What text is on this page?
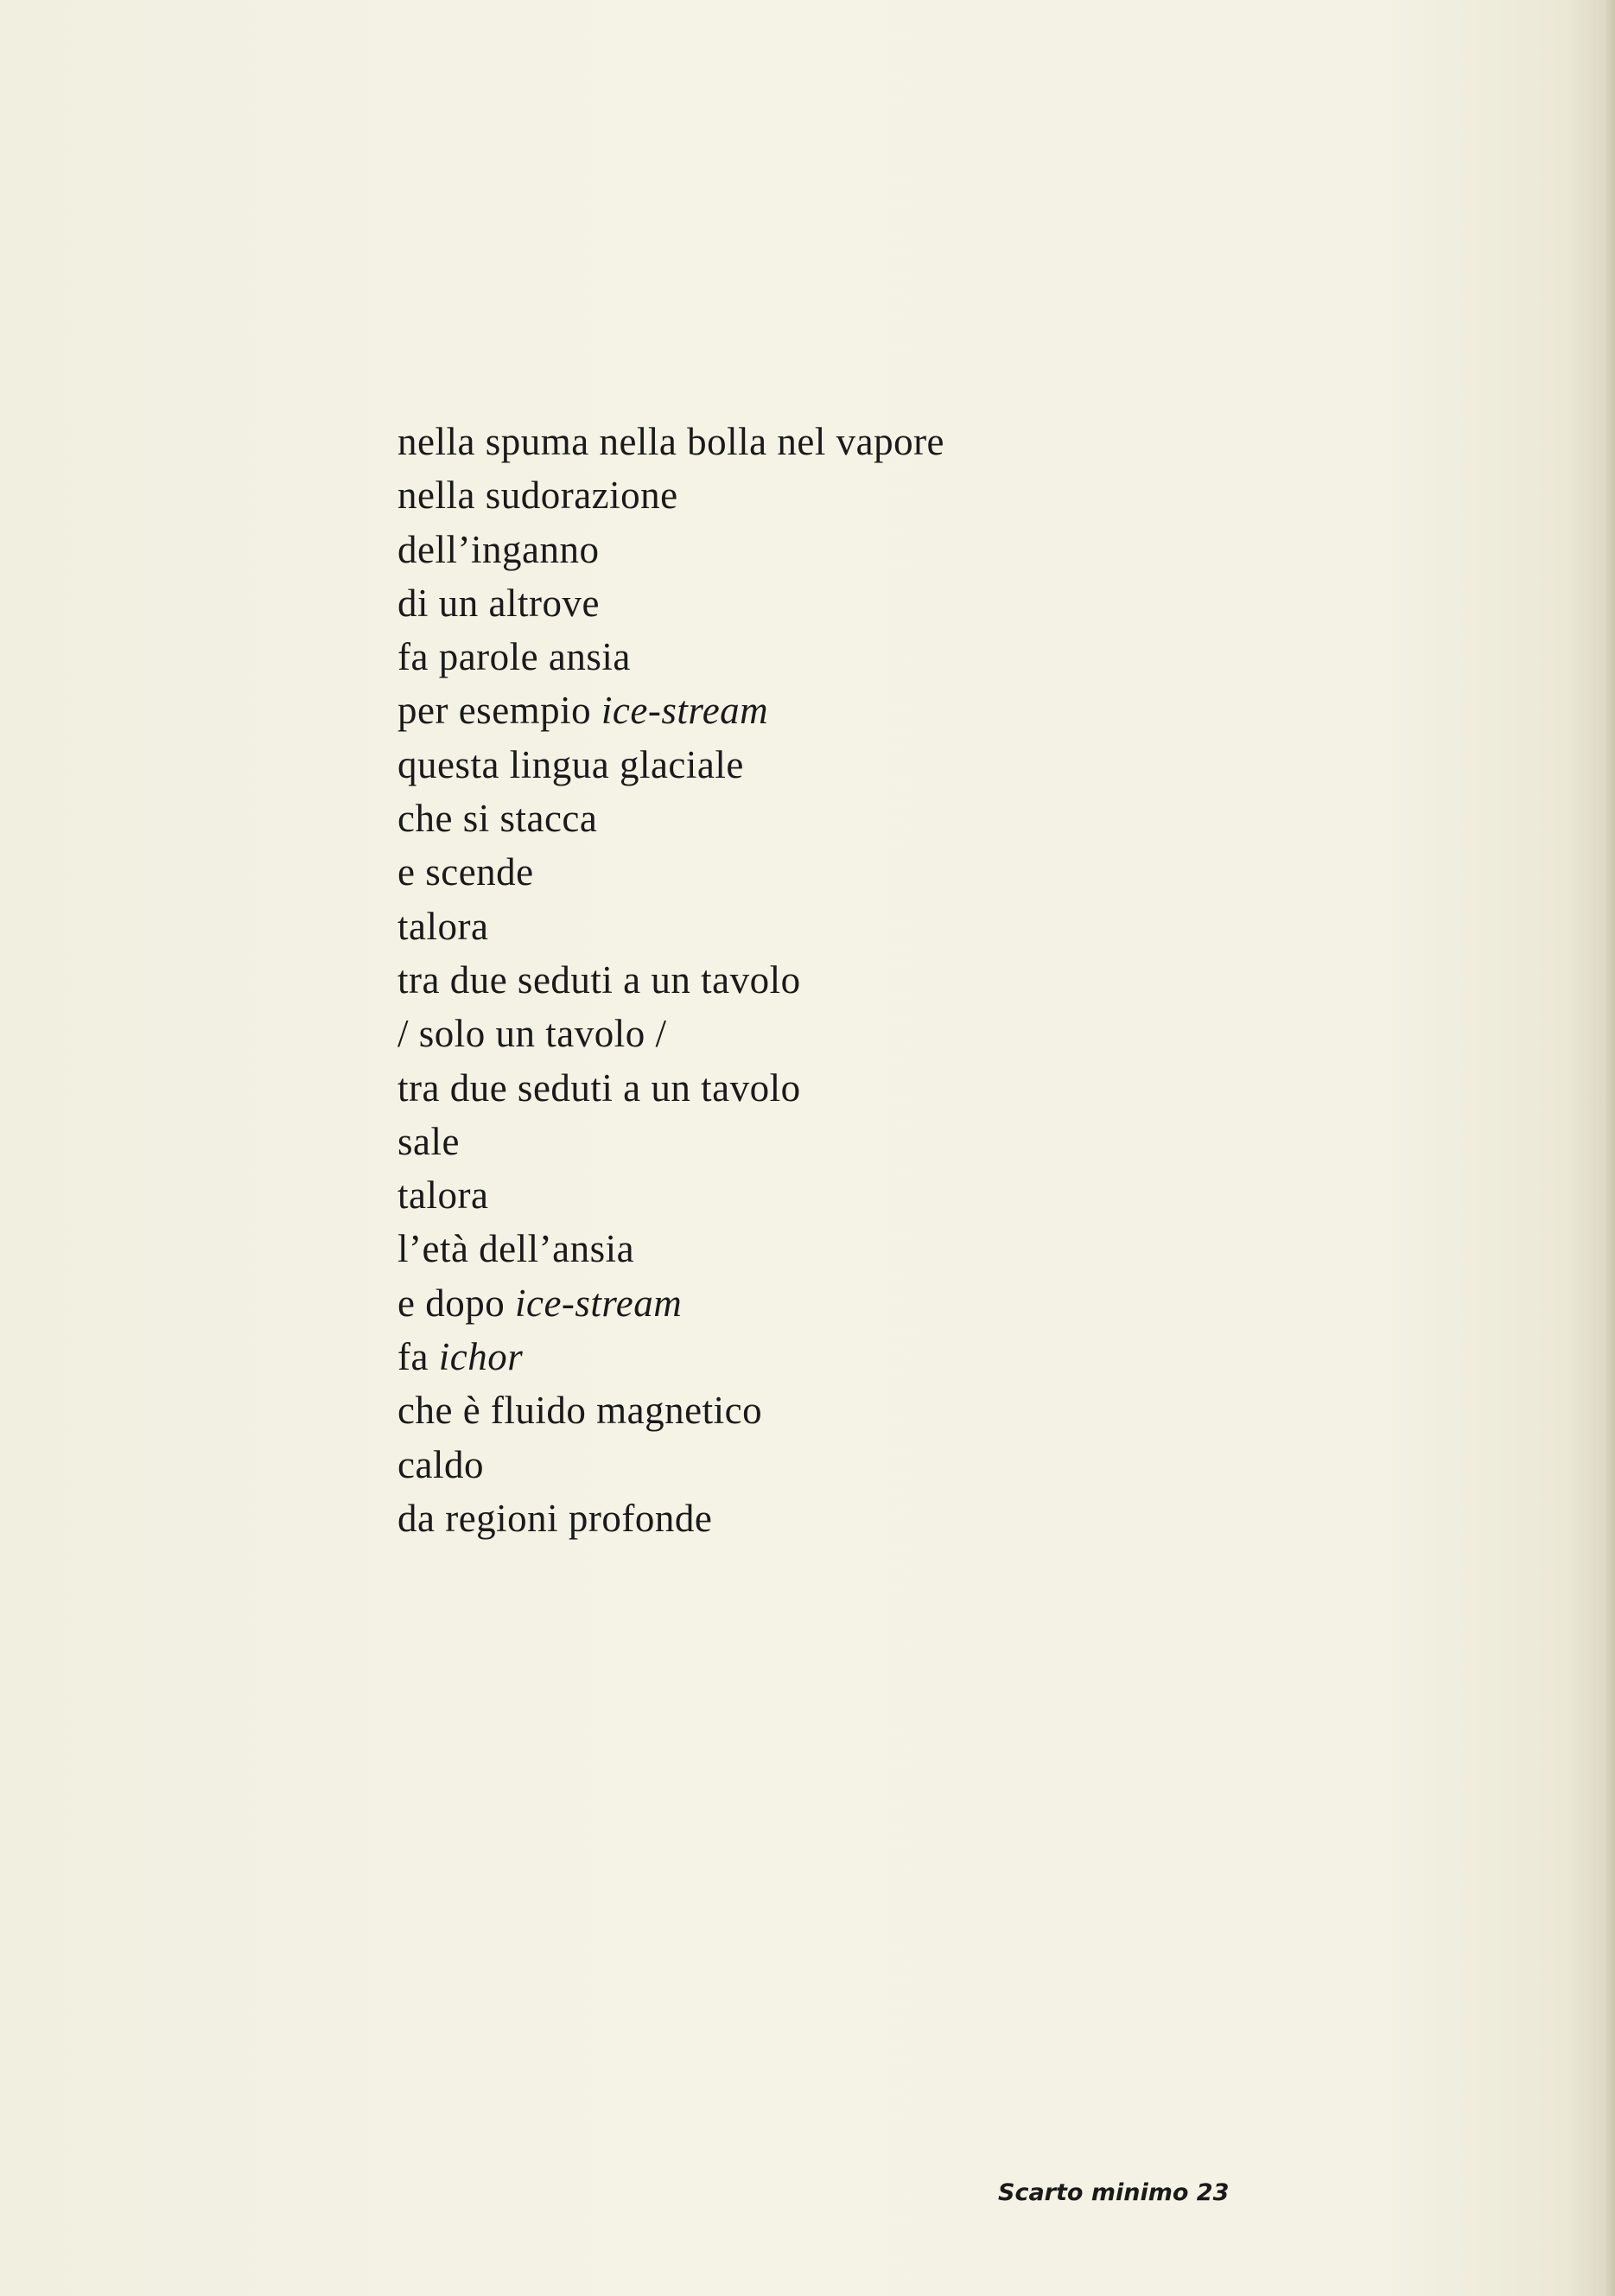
nella spuma nella bolla nel vapore
nella sudorazione
dell’inganno
di un altrove
fa parole ansia
per esempio ice-stream
questa lingua glaciale
che si stacca
e scende
talora
tra due seduti a un tavolo
/ solo un tavolo /
tra due seduti a un tavolo
sale
talora
l’età dell’ansia
e dopo ice-stream
fa ichor
che è fluido magnetico
caldo
da regioni profonde
Scarto minimo 23
